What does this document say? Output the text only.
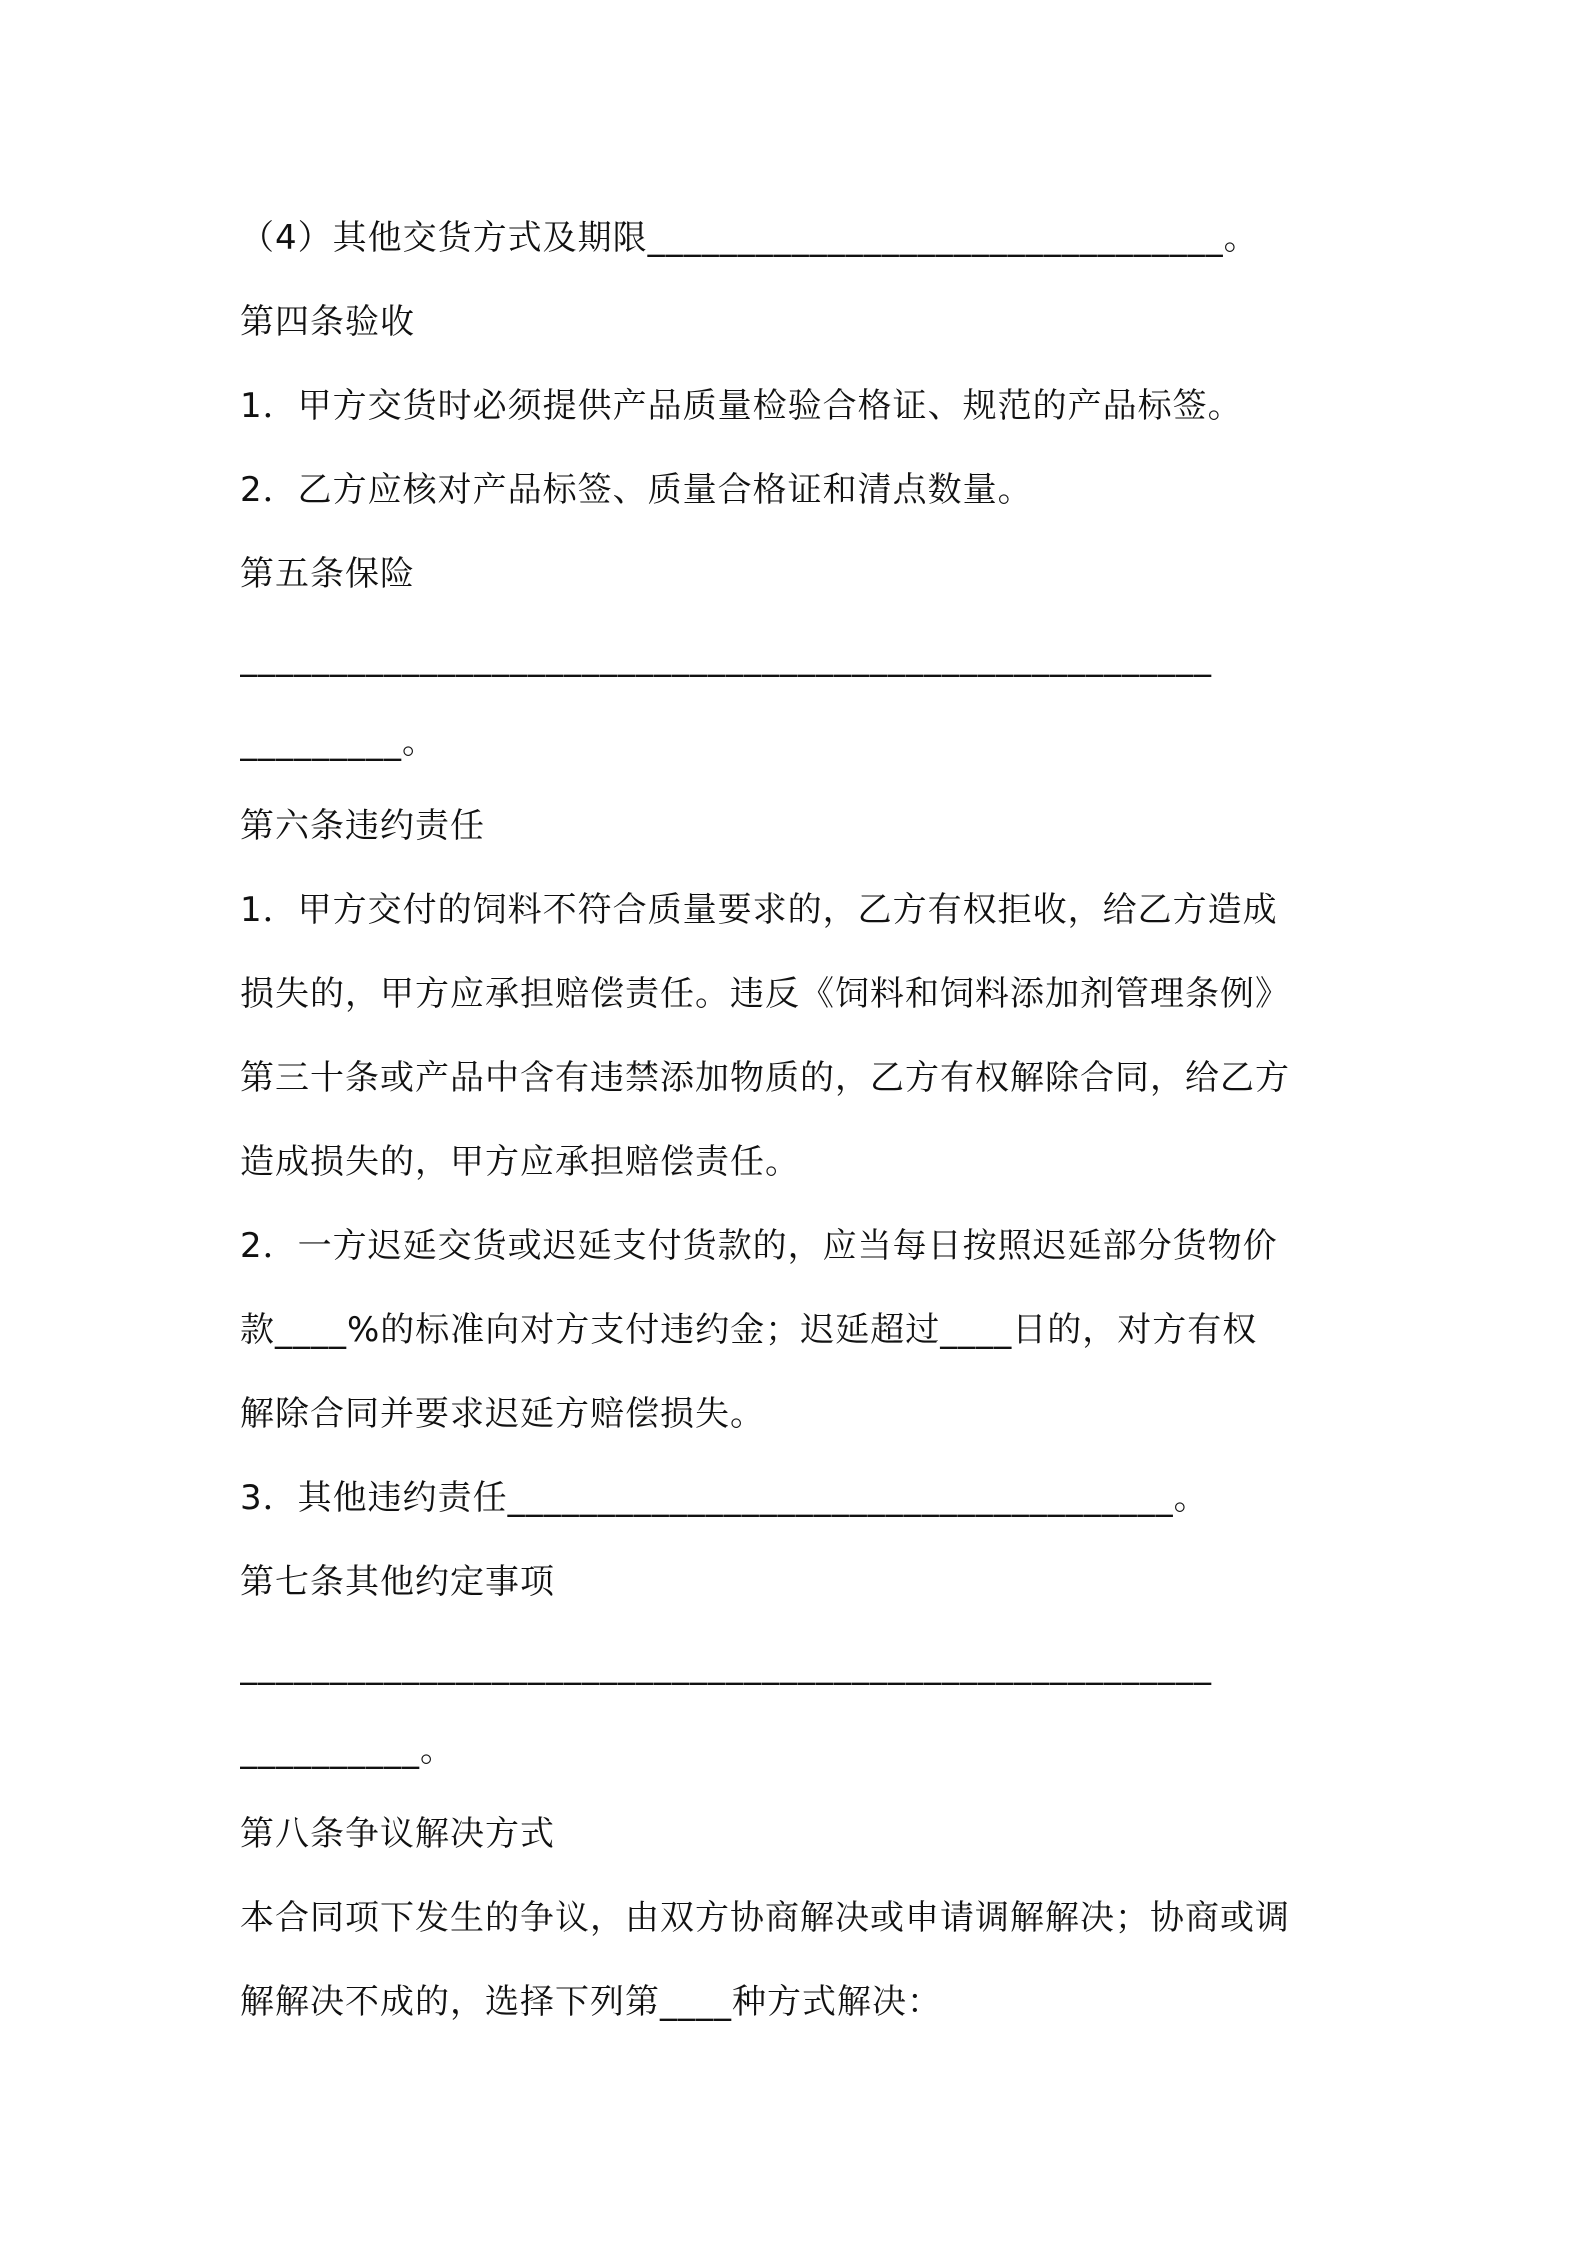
（4）其他交货方式及期限________________________________。
第四条验收
1．甲方交货时必须提供产品质量检验合格证、规范的产品标签。
2．乙方应核对产品标签、质量合格证和清点数量。
第五条保险
______________________________________________________
_________。
第六条违约责任
1．甲方交付的饲料不符合质量要求的，乙方有权拒收，给乙方造成
损失的，甲方应承担赔偿责任。违反《饲料和饲料添加剂管理条例》
第三十条或产品中含有违禁添加物质的，乙方有权解除合同，给乙方
造成损失的，甲方应承担赔偿责任。
2．一方迟延交货或迟延支付货款的，应当每日按照迟延部分货物价
款____%的标准向对方支付违约金；迟延超过____日的，对方有权
解除合同并要求迟延方赔偿损失。
3．其他违约责任_____________________________________。
第七条其他约定事项
______________________________________________________
__________。
第八条争议解决方式
本合同项下发生的争议，由双方协商解决或申请调解解决；协商或调
解解决不成的，选择下列第____种方式解决：
